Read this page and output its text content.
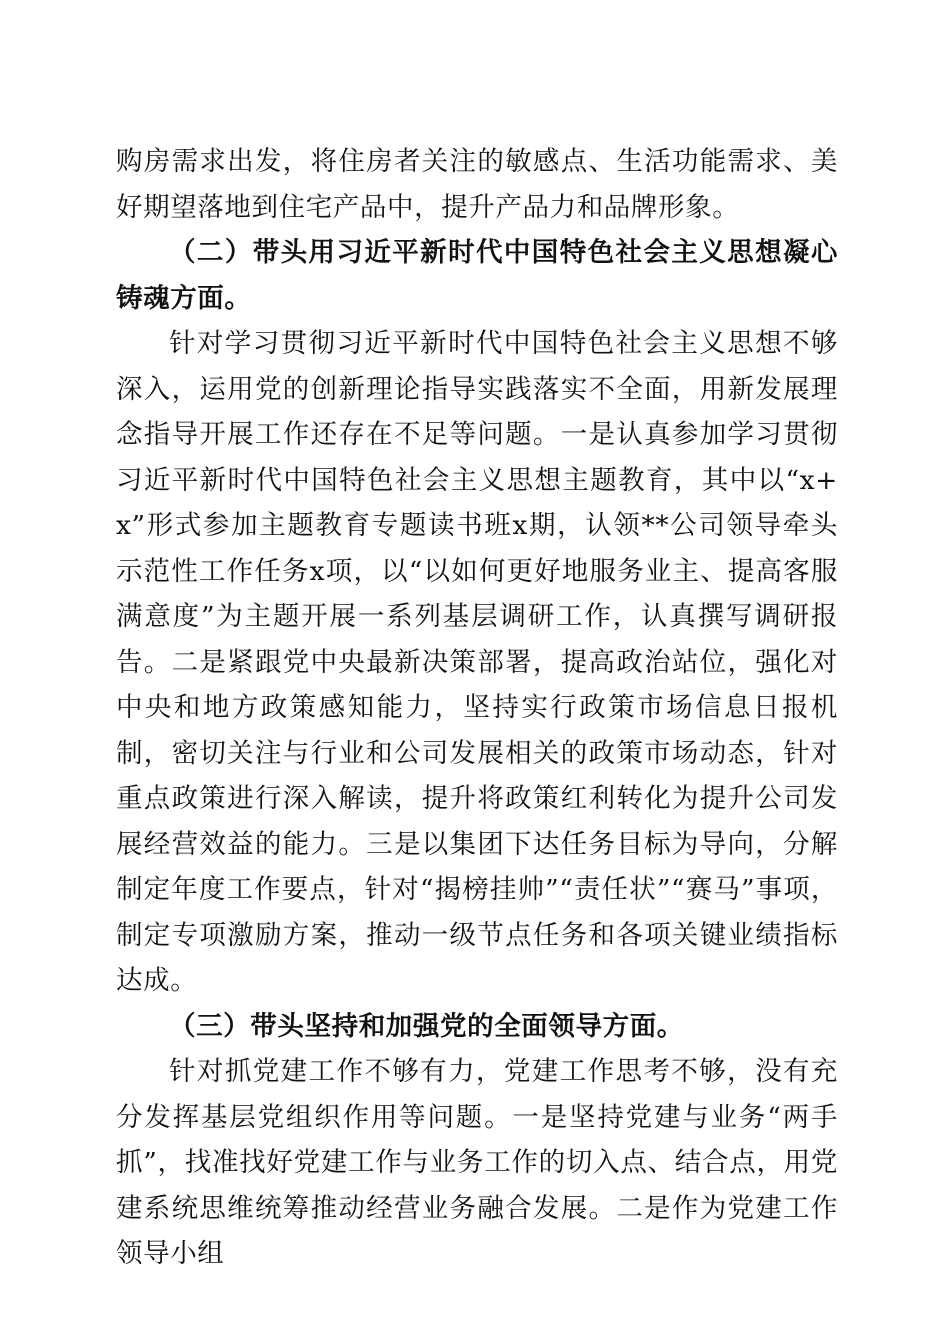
购房需求出发，将住房者关注的敏感点、生活功能需求、美好期望落地到住宅产品中，提升产品力和品牌形象。

（二）带头用习近平新时代中国特色社会主义思想凝心铸魂方面。

针对学习贯彻习近平新时代中国特色社会主义思想不够深入，运用党的创新理论指导实践落实不全面，用新发展理念指导开展工作还存在不足等问题。一是认真参加学习贯彻习近平新时代中国特色社会主义思想主题教育，其中以“x+x”形式参加主题教育专题读书班x期，认领**公司领导牵头示范性工作任务x项，以“以如何更好地服务业主、提高客服满意度”为主题开展一系列基层调研工作，认真撰写调研报告。二是紧跟党中央最新决策部署，提高政治站位，强化对中央和地方政策感知能力，坚持实行政策市场信息日报机制，密切关注与行业和公司发展相关的政策市场动态，针对重点政策进行深入解读，提升将政策红利转化为提升公司发展经营效益的能力。三是以集团下达任务目标为导向，分解制定年度工作要点，针对“揭榜挂帅”“责任状”“赛马”事项，制定专项激励方案，推动一级节点任务和各项关键业绩指标达成。

（三）带头坚持和加强党的全面领导方面。

针对抓党建工作不够有力，党建工作思考不够，没有充分发挥基层党组织作用等问题。一是坚持党建与业务“两手抓”，找准找好党建工作与业务工作的切入点、结合点，用党建系统思维统筹推动经营业务融合发展。二是作为党建工作领导小组
